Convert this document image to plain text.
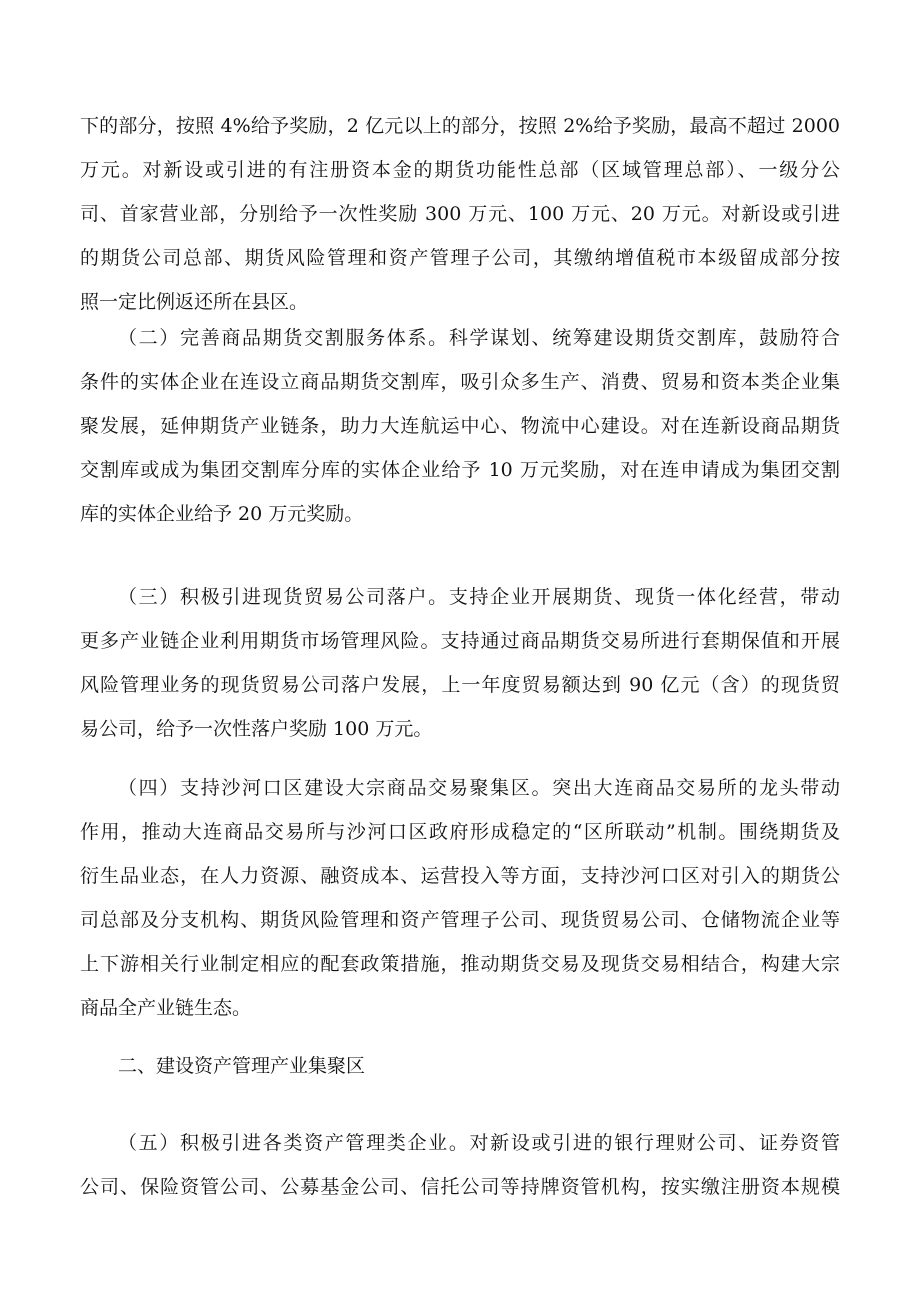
下的部分，按照 4%给予奖励，2 亿元以上的部分，按照 2%给予奖励，最高不超过 2000
万元。对新设或引进的有注册资本金的期货功能性总部（区域管理总部）、一级分公
司、首家营业部，分别给予一次性奖励 300 万元、100 万元、20 万元。对新设或引进
的期货公司总部、期货风险管理和资产管理子公司，其缴纳增值税市本级留成部分按
照一定比例返还所在县区。
（二）完善商品期货交割服务体系。科学谋划、统筹建设期货交割库，鼓励符合
条件的实体企业在连设立商品期货交割库，吸引众多生产、消费、贸易和资本类企业集
聚发展，延伸期货产业链条，助力大连航运中心、物流中心建设。对在连新设商品期货
交割库或成为集团交割库分库的实体企业给予 10 万元奖励，对在连申请成为集团交割
库的实体企业给予 20 万元奖励。
（三）积极引进现货贸易公司落户。支持企业开展期货、现货一体化经营，带动
更多产业链企业利用期货市场管理风险。支持通过商品期货交易所进行套期保值和开展
风险管理业务的现货贸易公司落户发展，上一年度贸易额达到 90 亿元（含）的现货贸
易公司，给予一次性落户奖励 100 万元。
（四）支持沙河口区建设大宗商品交易聚集区。突出大连商品交易所的龙头带动
作用，推动大连商品交易所与沙河口区政府形成稳定的“区所联动”机制。围绕期货及
衍生品业态，在人力资源、融资成本、运营投入等方面，支持沙河口区对引入的期货公
司总部及分支机构、期货风险管理和资产管理子公司、现货贸易公司、仓储物流企业等
上下游相关行业制定相应的配套政策措施，推动期货交易及现货交易相结合，构建大宗
商品全产业链生态。
二、建设资产管理产业集聚区
（五）积极引进各类资产管理类企业。对新设或引进的银行理财公司、证券资管
公司、保险资管公司、公募基金公司、信托公司等持牌资管机构，按实缴注册资本规模
